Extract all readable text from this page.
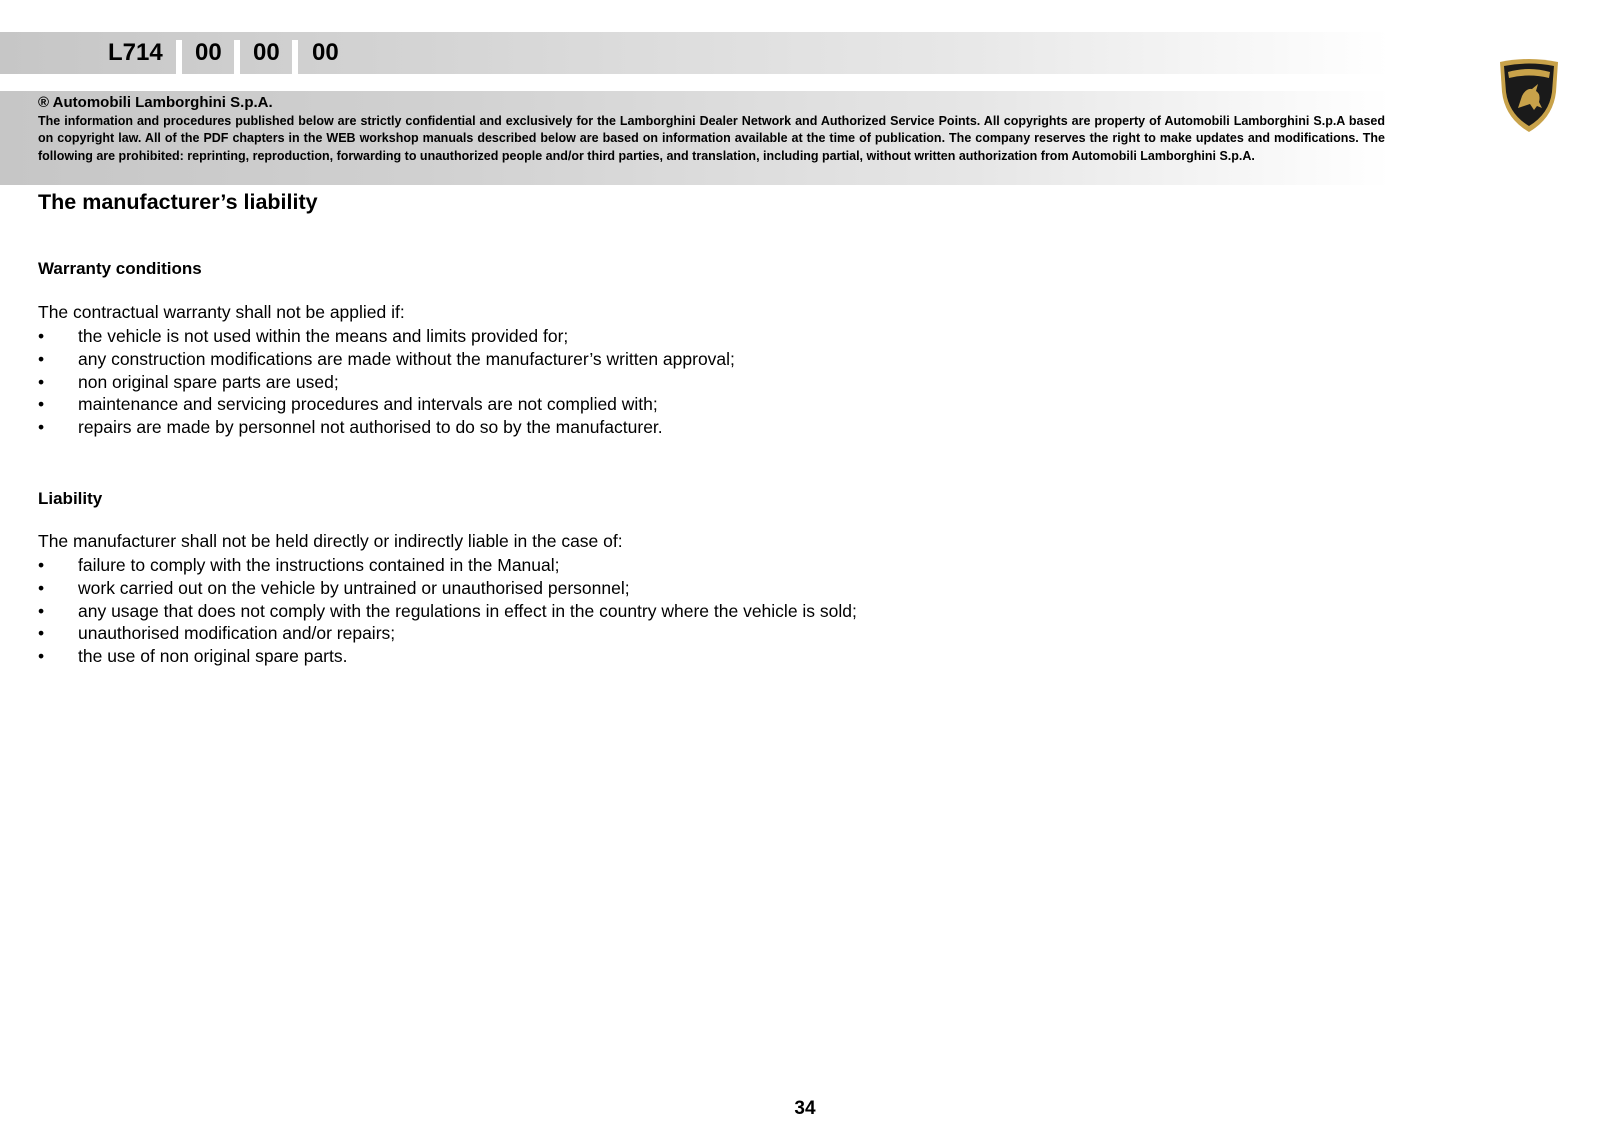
L714 00 00 00
® Automobili Lamborghini S.p.A.
The information and procedures published below are strictly confidential and exclusively for the Lamborghini Dealer Network and Authorized Service Points. All copyrights are property of Automobili Lamborghini S.p.A based on copyright law. All of the PDF chapters in the WEB workshop manuals described below are based on information available at the time of publication. The company reserves the right to make updates and modifications. The following are prohibited: reprinting, reproduction, forwarding to unauthorized people and/or third parties, and translation, including partial, without written authorization from Automobili Lamborghini S.p.A.
The manufacturer’s liability
Warranty conditions

The contractual warranty shall not be applied if:

• the vehicle is not used within the means and limits provided for;
• any construction modifications are made without the manufacturer’s written approval;
• non original spare parts are used;
• maintenance and servicing procedures and intervals are not complied with;
• repairs are made by personnel not authorised to do so by the manufacturer.
Liability

The manufacturer shall not be held directly or indirectly liable in the case of:

• failure to comply with the instructions contained in the Manual;
• work carried out on the vehicle by untrained or unauthorised personnel;
• any usage that does not comply with the regulations in effect in the country where the vehicle is sold;
• unauthorised modification and/or repairs;
• the use of non original spare parts.
34
